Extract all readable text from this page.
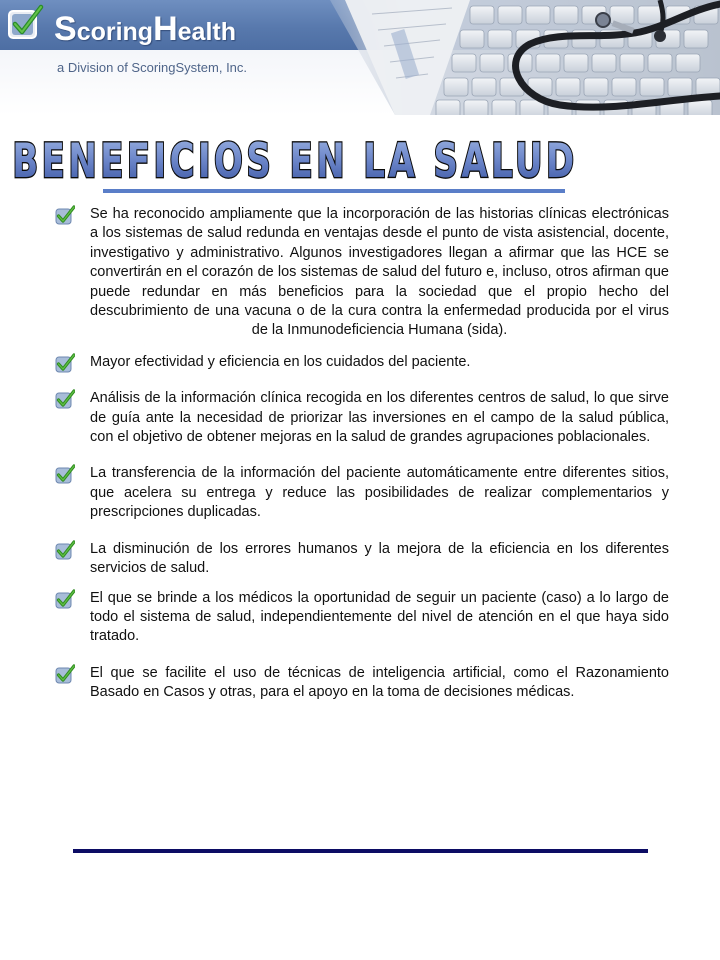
S coring H ealth
a Division of ScoringSystem, Inc.
BENEFICIOS EN LA SALUD
Se ha reconocido ampliamente que la incorporación de las historias clínicas electrónicas a los sistemas de salud redunda en ventajas desde el punto de vista asistencial, docente, investigativo y administrativo. Algunos investigadores llegan a afirmar que las HCE se convertirán en el corazón de los sistemas de salud del futuro e, incluso, otros afirman que puede redundar en más beneficios para la sociedad que el propio hecho del descubrimiento de una vacuna o de la cura contra la enfermedad producida por el virus de la Inmunodeficiencia Humana (sida).
Mayor efectividad y eficiencia en los cuidados del paciente.
Análisis de la información clínica recogida en los diferentes centros de salud, lo que sirve de guía ante la necesidad de priorizar las inversiones en el campo de la salud pública, con el objetivo de obtener mejoras en la salud de grandes agrupaciones poblacionales.
La transferencia de la información del paciente automáticamente entre diferentes sitios, que acelera su entrega y reduce las posibilidades de realizar complementarios y prescripciones duplicadas.
La disminución de los errores humanos y la mejora de la eficiencia en los diferentes servicios de salud.
El que se brinde a los médicos la oportunidad de seguir un paciente (caso) a lo largo de todo el sistema de salud, independientemente del nivel de atención en el que haya sido tratado.
El que se facilite el uso de técnicas de inteligencia artificial, como el Razonamiento Basado en Casos y otras, para el apoyo en la toma de decisiones médicas.
